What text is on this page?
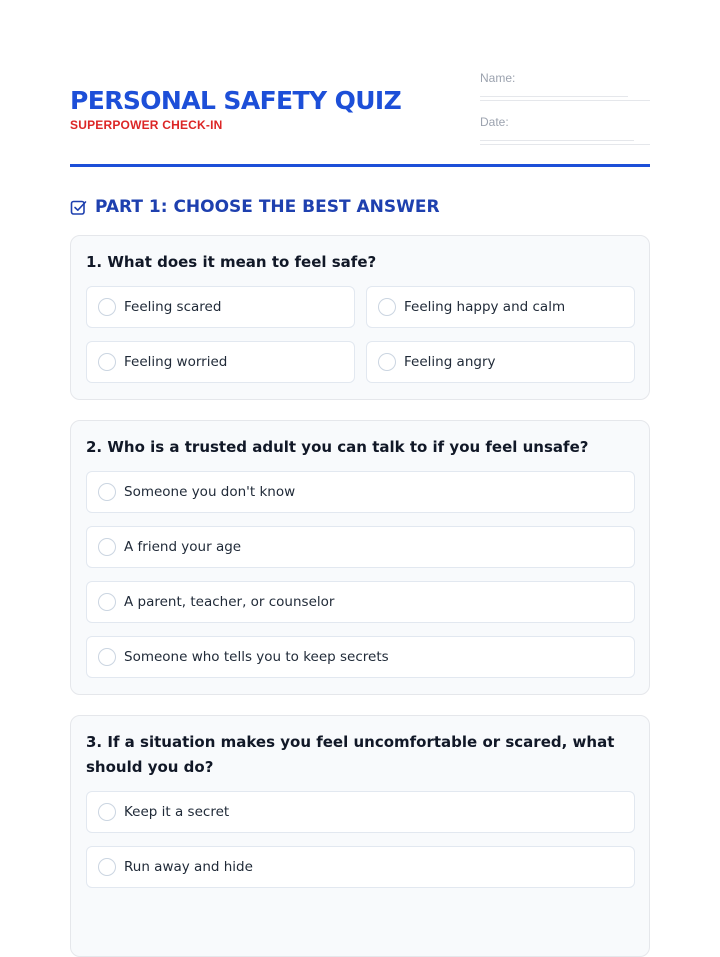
PERSONAL SAFETY QUIZ
SUPERPOWER CHECK-IN
Name:
Date:
PART 1: CHOOSE THE BEST ANSWER
1. What does it mean to feel safe?
Feeling scared	Feeling happy and calm
Feeling worried	Feeling angry
2. Who is a trusted adult you can talk to if you feel unsafe?
Someone you don't know
A friend your age
A parent, teacher, or counselor
Someone who tells you to keep secrets
3. If a situation makes you feel uncomfortable or scared, what should you do?
Keep it a secret
Run away and hide
